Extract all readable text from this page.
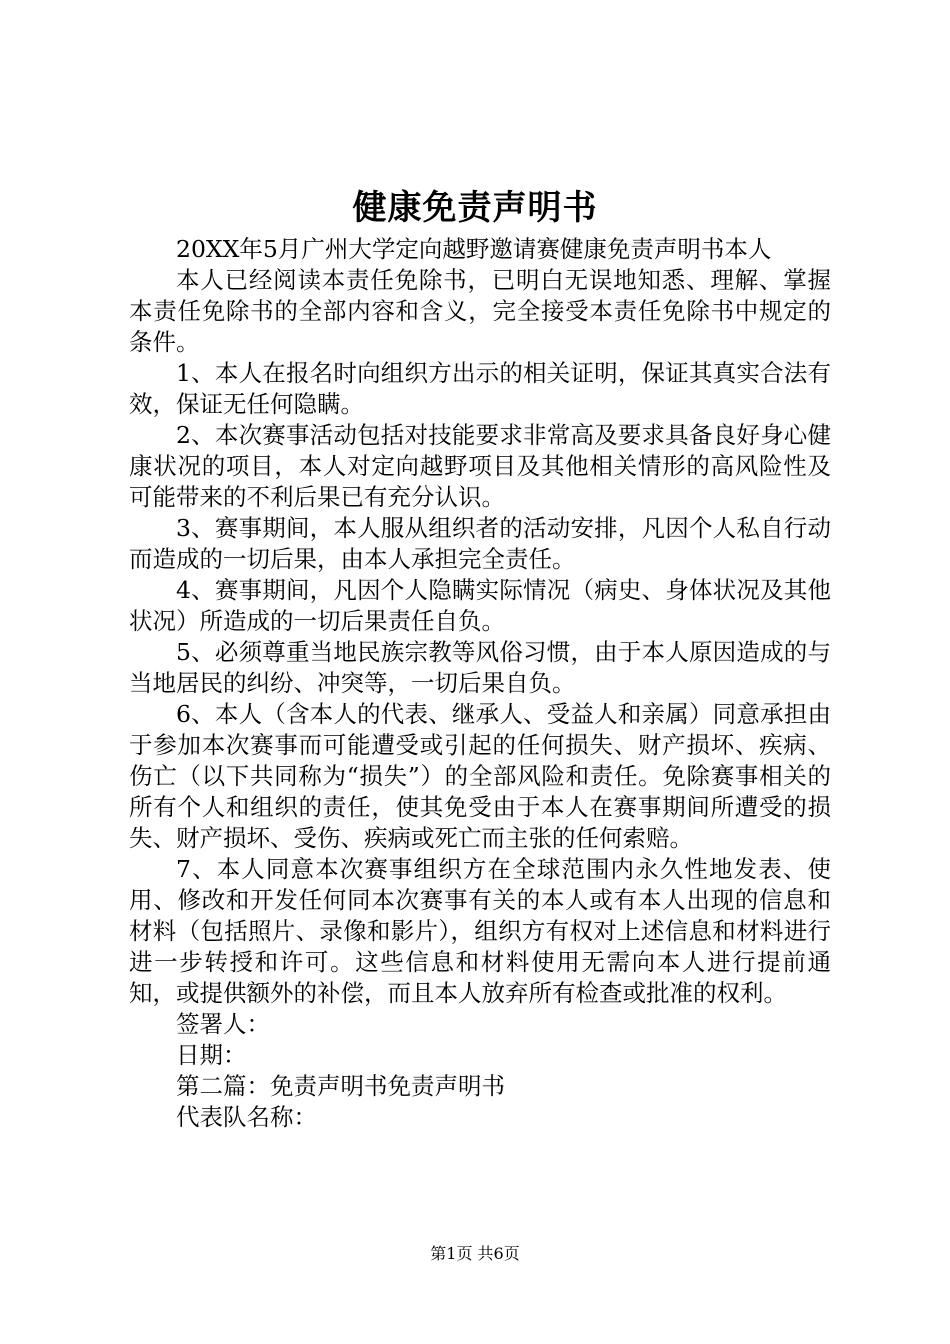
健康免责声明书

20XX年5月广州大学定向越野邀请赛健康免责声明书本人

本人已经阅读本责任免除书，已明白无误地知悉、理解、掌握本责任免除书的全部内容和含义，完全接受本责任免除书中规定的条件。

1、本人在报名时向组织方出示的相关证明，保证其真实合法有效，保证无任何隐瞒。

2、本次赛事活动包括对技能要求非常高及要求具备良好身心健康状况的项目，本人对定向越野项目及其他相关情形的高风险性及可能带来的不利后果已有充分认识。

3、赛事期间，本人服从组织者的活动安排，凡因个人私自行动而造成的一切后果，由本人承担完全责任。

4、赛事期间，凡因个人隐瞒实际情况（病史、身体状况及其他状况）所造成的一切后果责任自负。

5、必须尊重当地民族宗教等风俗习惯，由于本人原因造成的与当地居民的纠纷、冲突等，一切后果自负。

6、本人（含本人的代表、继承人、受益人和亲属）同意承担由于参加本次赛事而可能遭受或引起的任何损失、财产损坏、疾病、伤亡（以下共同称为“损失”）的全部风险和责任。免除赛事相关的所有个人和组织的责任，使其免受由于本人在赛事期间所遭受的损失、财产损坏、受伤、疾病或死亡而主张的任何索赔。

7、本人同意本次赛事组织方在全球范围内永久性地发表、使用、修改和开发任何同本次赛事有关的本人或有本人出现的信息和材料（包括照片、录像和影片），组织方有权对上述信息和材料进行进一步转授和许可。这些信息和材料使用无需向本人进行提前通知，或提供额外的补偿，而且本人放弃所有检查或批准的权利。

签署人：

日期：

第二篇：免责声明书免责声明书

代表队名称：

第1页 共6页
